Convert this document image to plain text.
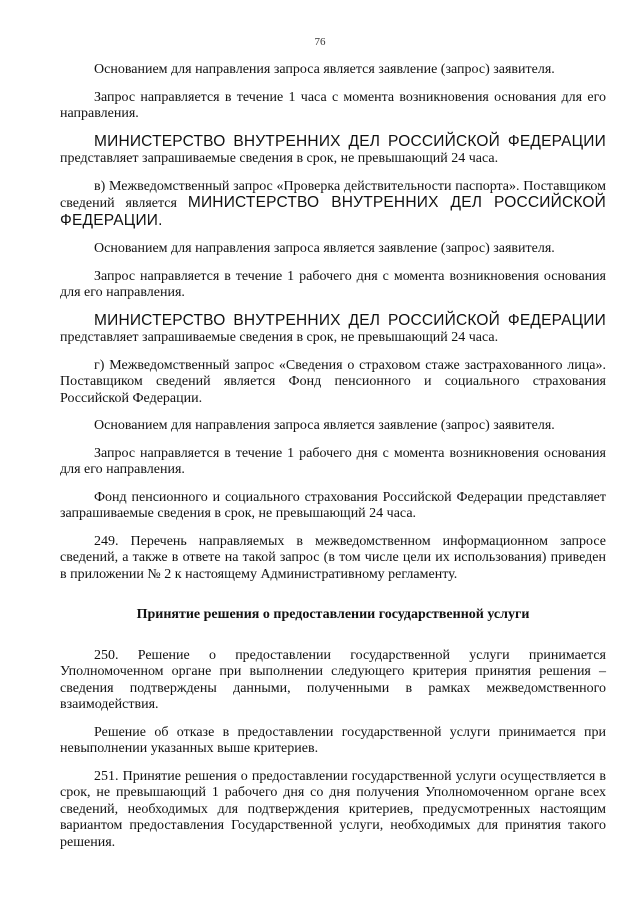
76

Основанием для направления запроса является заявление (запрос) заявителя.

Запрос направляется в течение 1 часа с момента возникновения основания для его направления.

МИНИСТЕРСТВО ВНУТРЕННИХ ДЕЛ РОССИЙСКОЙ ФЕДЕРАЦИИ представляет запрашиваемые сведения в срок, не превышающий 24 часа.

в) Межведомственный запрос «Проверка действительности паспорта». Поставщиком сведений является МИНИСТЕРСТВО ВНУТРЕННИХ ДЕЛ РОССИЙСКОЙ ФЕДЕРАЦИИ.

Основанием для направления запроса является заявление (запрос) заявителя.

Запрос направляется в течение 1 рабочего дня с момента возникновения основания для его направления.

МИНИСТЕРСТВО ВНУТРЕННИХ ДЕЛ РОССИЙСКОЙ ФЕДЕРАЦИИ представляет запрашиваемые сведения в срок, не превышающий 24 часа.

г) Межведомственный запрос «Сведения о страховом стаже застрахованного лица». Поставщиком сведений является Фонд пенсионного и социального страхования Российской Федерации.

Основанием для направления запроса является заявление (запрос) заявителя.

Запрос направляется в течение 1 рабочего дня с момента возникновения основания для его направления.

Фонд пенсионного и социального страхования Российской Федерации представляет запрашиваемые сведения в срок, не превышающий 24 часа.

249. Перечень направляемых в межведомственном информационном запросе сведений, а также в ответе на такой запрос (в том числе цели их использования) приведен в приложении № 2 к настоящему Административному регламенту.

Принятие решения о предоставлении государственной услуги

250. Решение о предоставлении государственной услуги принимается Уполномоченном органе при выполнении следующего критерия принятия решения – сведения подтверждены данными, полученными в рамках межведомственного взаимодействия.

Решение об отказе в предоставлении государственной услуги принимается при невыполнении указанных выше критериев.

251. Принятие решения о предоставлении государственной услуги осуществляется в срок, не превышающий 1 рабочего дня со дня получения Уполномоченном органе всех сведений, необходимых для подтверждения критериев, предусмотренных настоящим вариантом предоставления Государственной услуги, необходимых для принятия такого решения.
